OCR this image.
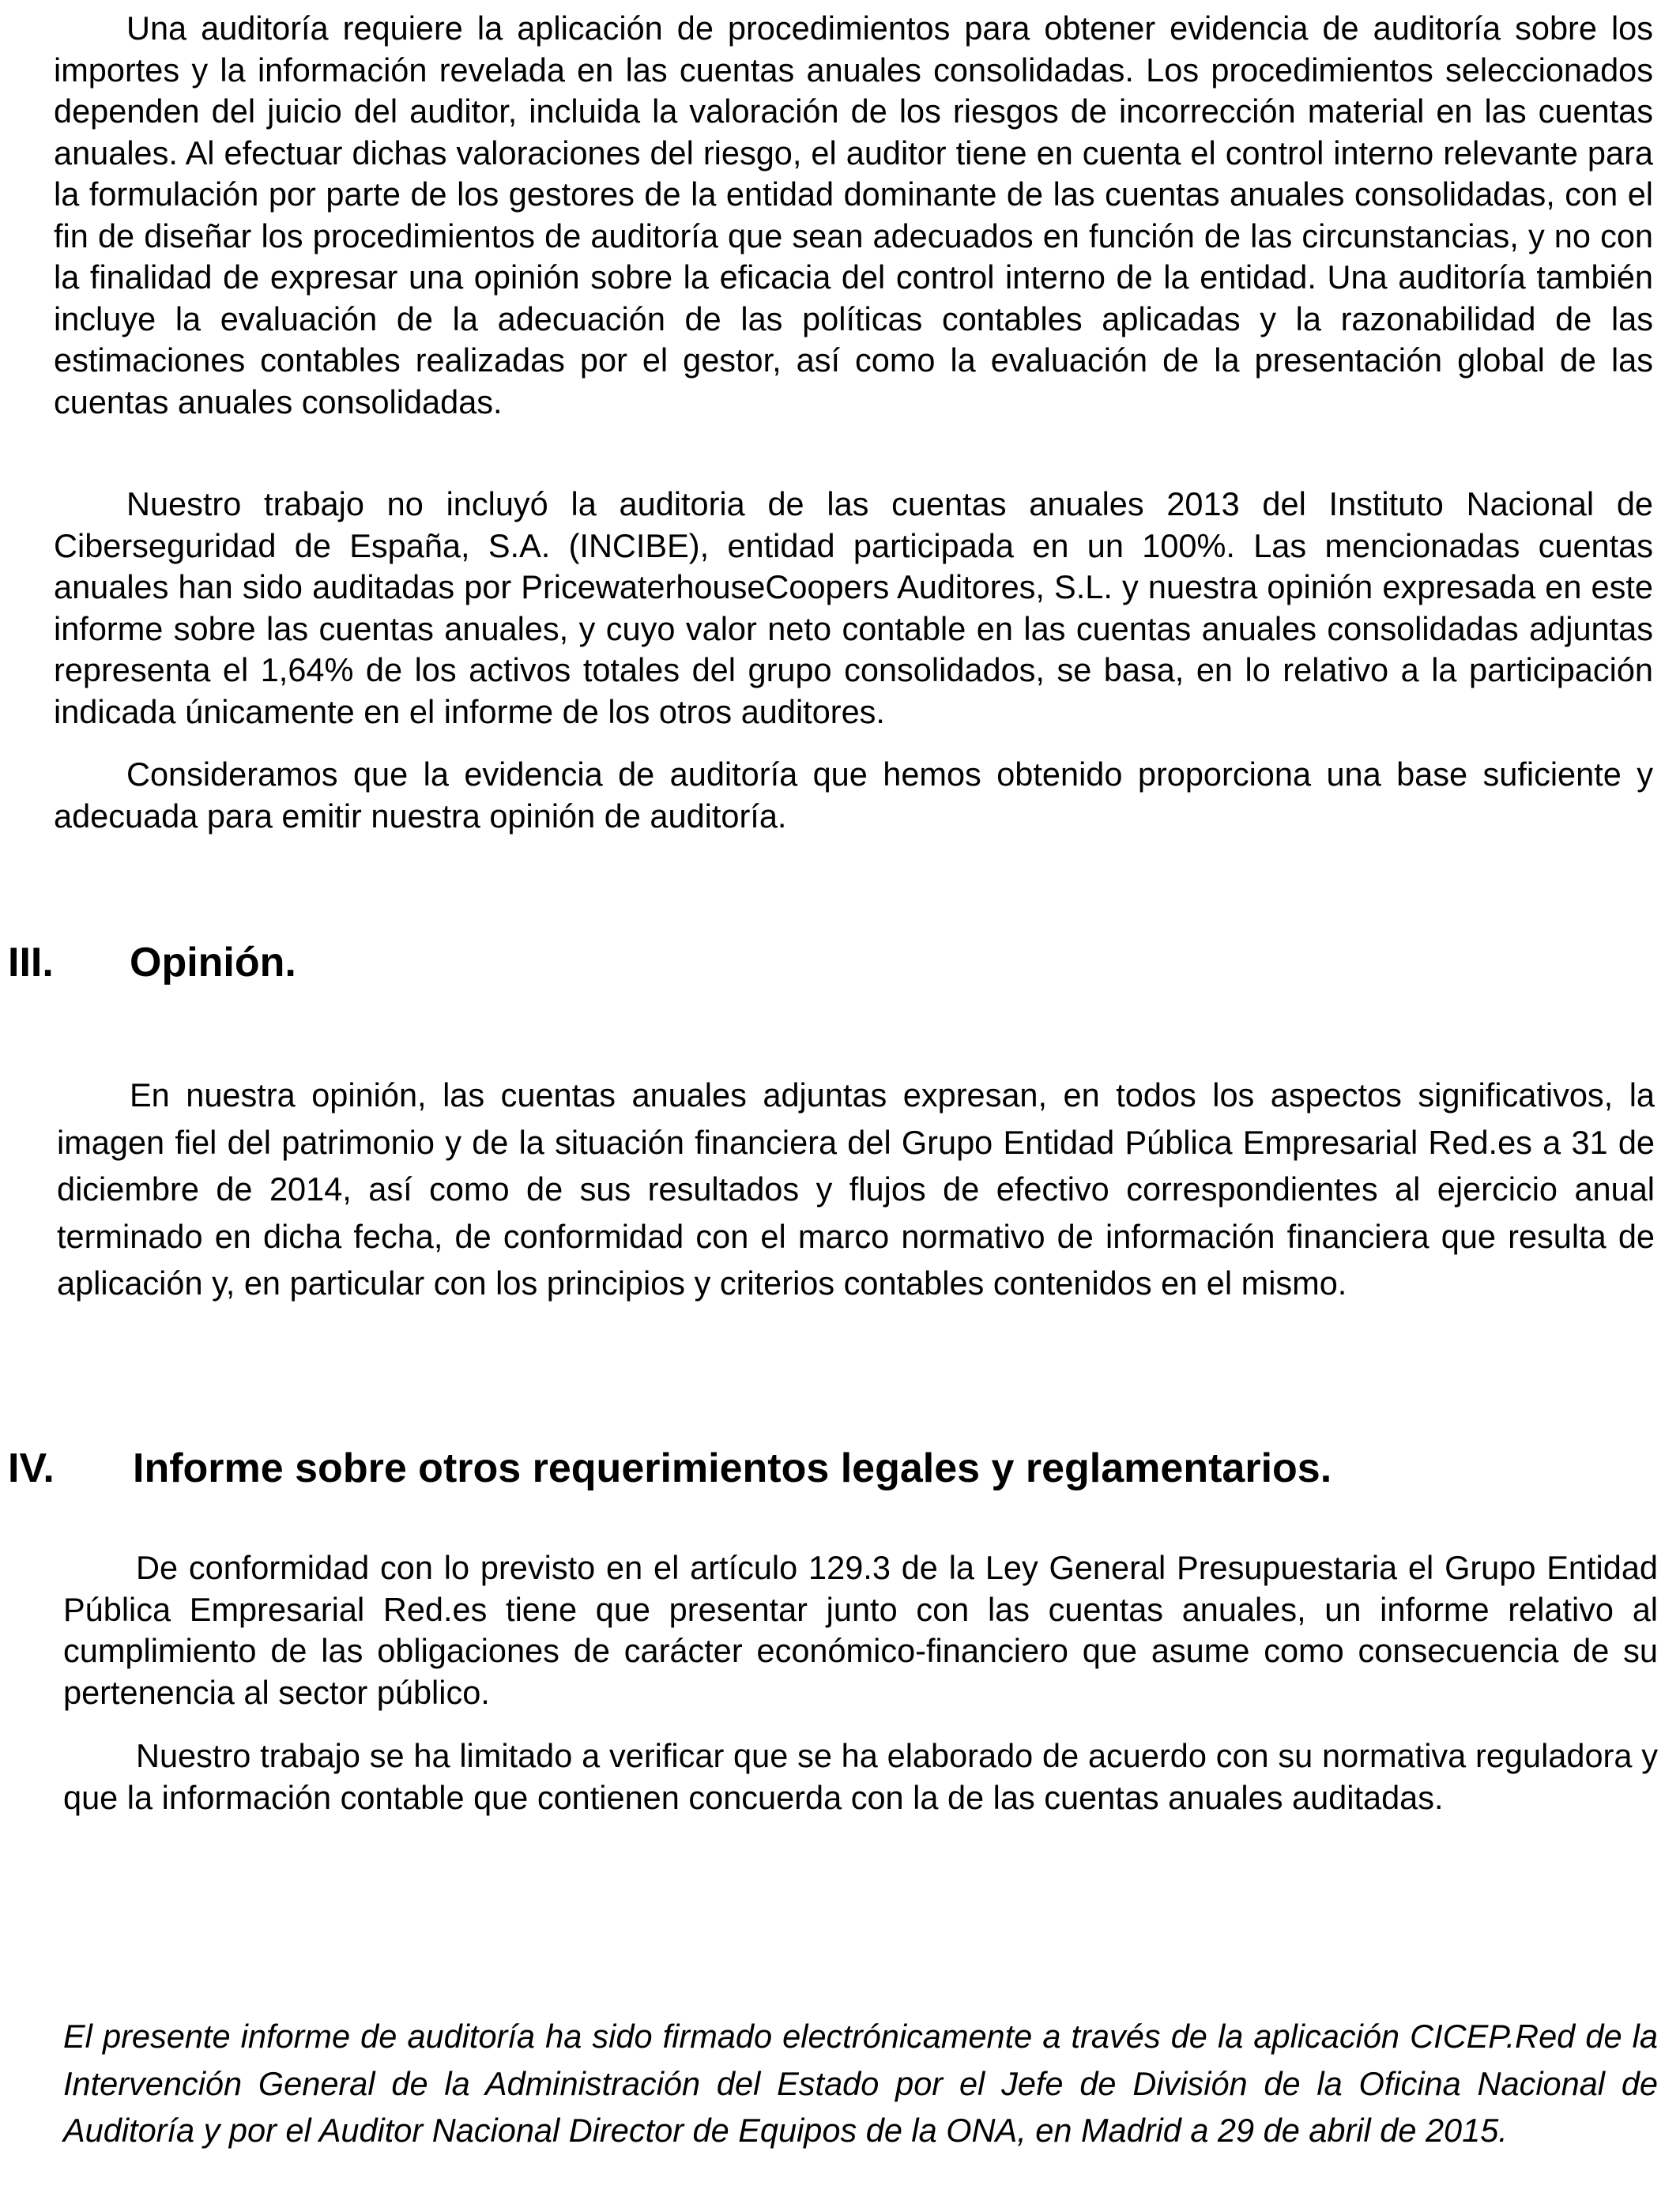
Una auditoría requiere la aplicación de procedimientos para obtener evidencia de auditoría sobre los importes y la información revelada en las cuentas anuales consolidadas. Los procedimientos seleccionados dependen del juicio del auditor, incluida la valoración de los riesgos de incorrección material en las cuentas anuales. Al efectuar dichas valoraciones del riesgo, el auditor tiene en cuenta el control interno relevante para la formulación por parte de los gestores de la entidad dominante de las cuentas anuales consolidadas, con el fin de diseñar los procedimientos de auditoría que sean adecuados en función de las circunstancias, y no con la finalidad de expresar una opinión sobre la eficacia del control interno de la entidad. Una auditoría también incluye la evaluación de la adecuación de las políticas contables aplicadas y la razonabilidad de las estimaciones contables realizadas por el gestor, así como la evaluación de la presentación global de las cuentas anuales consolidadas.

Nuestro trabajo no incluyó la auditoria de las cuentas anuales 2013 del Instituto Nacional de Ciberseguridad de España, S.A. (INCIBE), entidad participada en un 100%. Las mencionadas cuentas anuales han sido auditadas por PricewaterhouseCoopers Auditores, S.L. y nuestra opinión expresada en este informe sobre las cuentas anuales, y cuyo valor neto contable en las cuentas anuales consolidadas adjuntas representa el 1,64% de los activos totales del grupo consolidados, se basa, en lo relativo a la participación indicada únicamente en el informe de los otros auditores.

Consideramos que la evidencia de auditoría que hemos obtenido proporciona una base suficiente y adecuada para emitir nuestra opinión de auditoría.

III. Opinión.

En nuestra opinión, las cuentas anuales adjuntas expresan, en todos los aspectos significativos, la imagen fiel del patrimonio y de la situación financiera del Grupo Entidad Pública Empresarial Red.es a 31 de diciembre de 2014, así como de sus resultados y flujos de efectivo correspondientes al ejercicio anual terminado en dicha fecha, de conformidad con el marco normativo de información financiera que resulta de aplicación y, en particular con los principios y criterios contables contenidos en el mismo.

IV. Informe sobre otros requerimientos legales y reglamentarios.

De conformidad con lo previsto en el artículo 129.3 de la Ley General Presupuestaria el Grupo Entidad Pública Empresarial Red.es tiene que presentar junto con las cuentas anuales, un informe relativo al cumplimiento de las obligaciones de carácter económico-financiero que asume como consecuencia de su pertenencia al sector público.

Nuestro trabajo se ha limitado a verificar que se ha elaborado de acuerdo con su normativa reguladora y que la información contable que contienen concuerda con la de las cuentas anuales auditadas.

El presente informe de auditoría ha sido firmado electrónicamente a través de la aplicación CICEP.Red de la Intervención General de la Administración del Estado por el Jefe de División de la Oficina Nacional de Auditoría y por el Auditor Nacional Director de Equipos de la ONA, en Madrid a 29 de abril de 2015.
